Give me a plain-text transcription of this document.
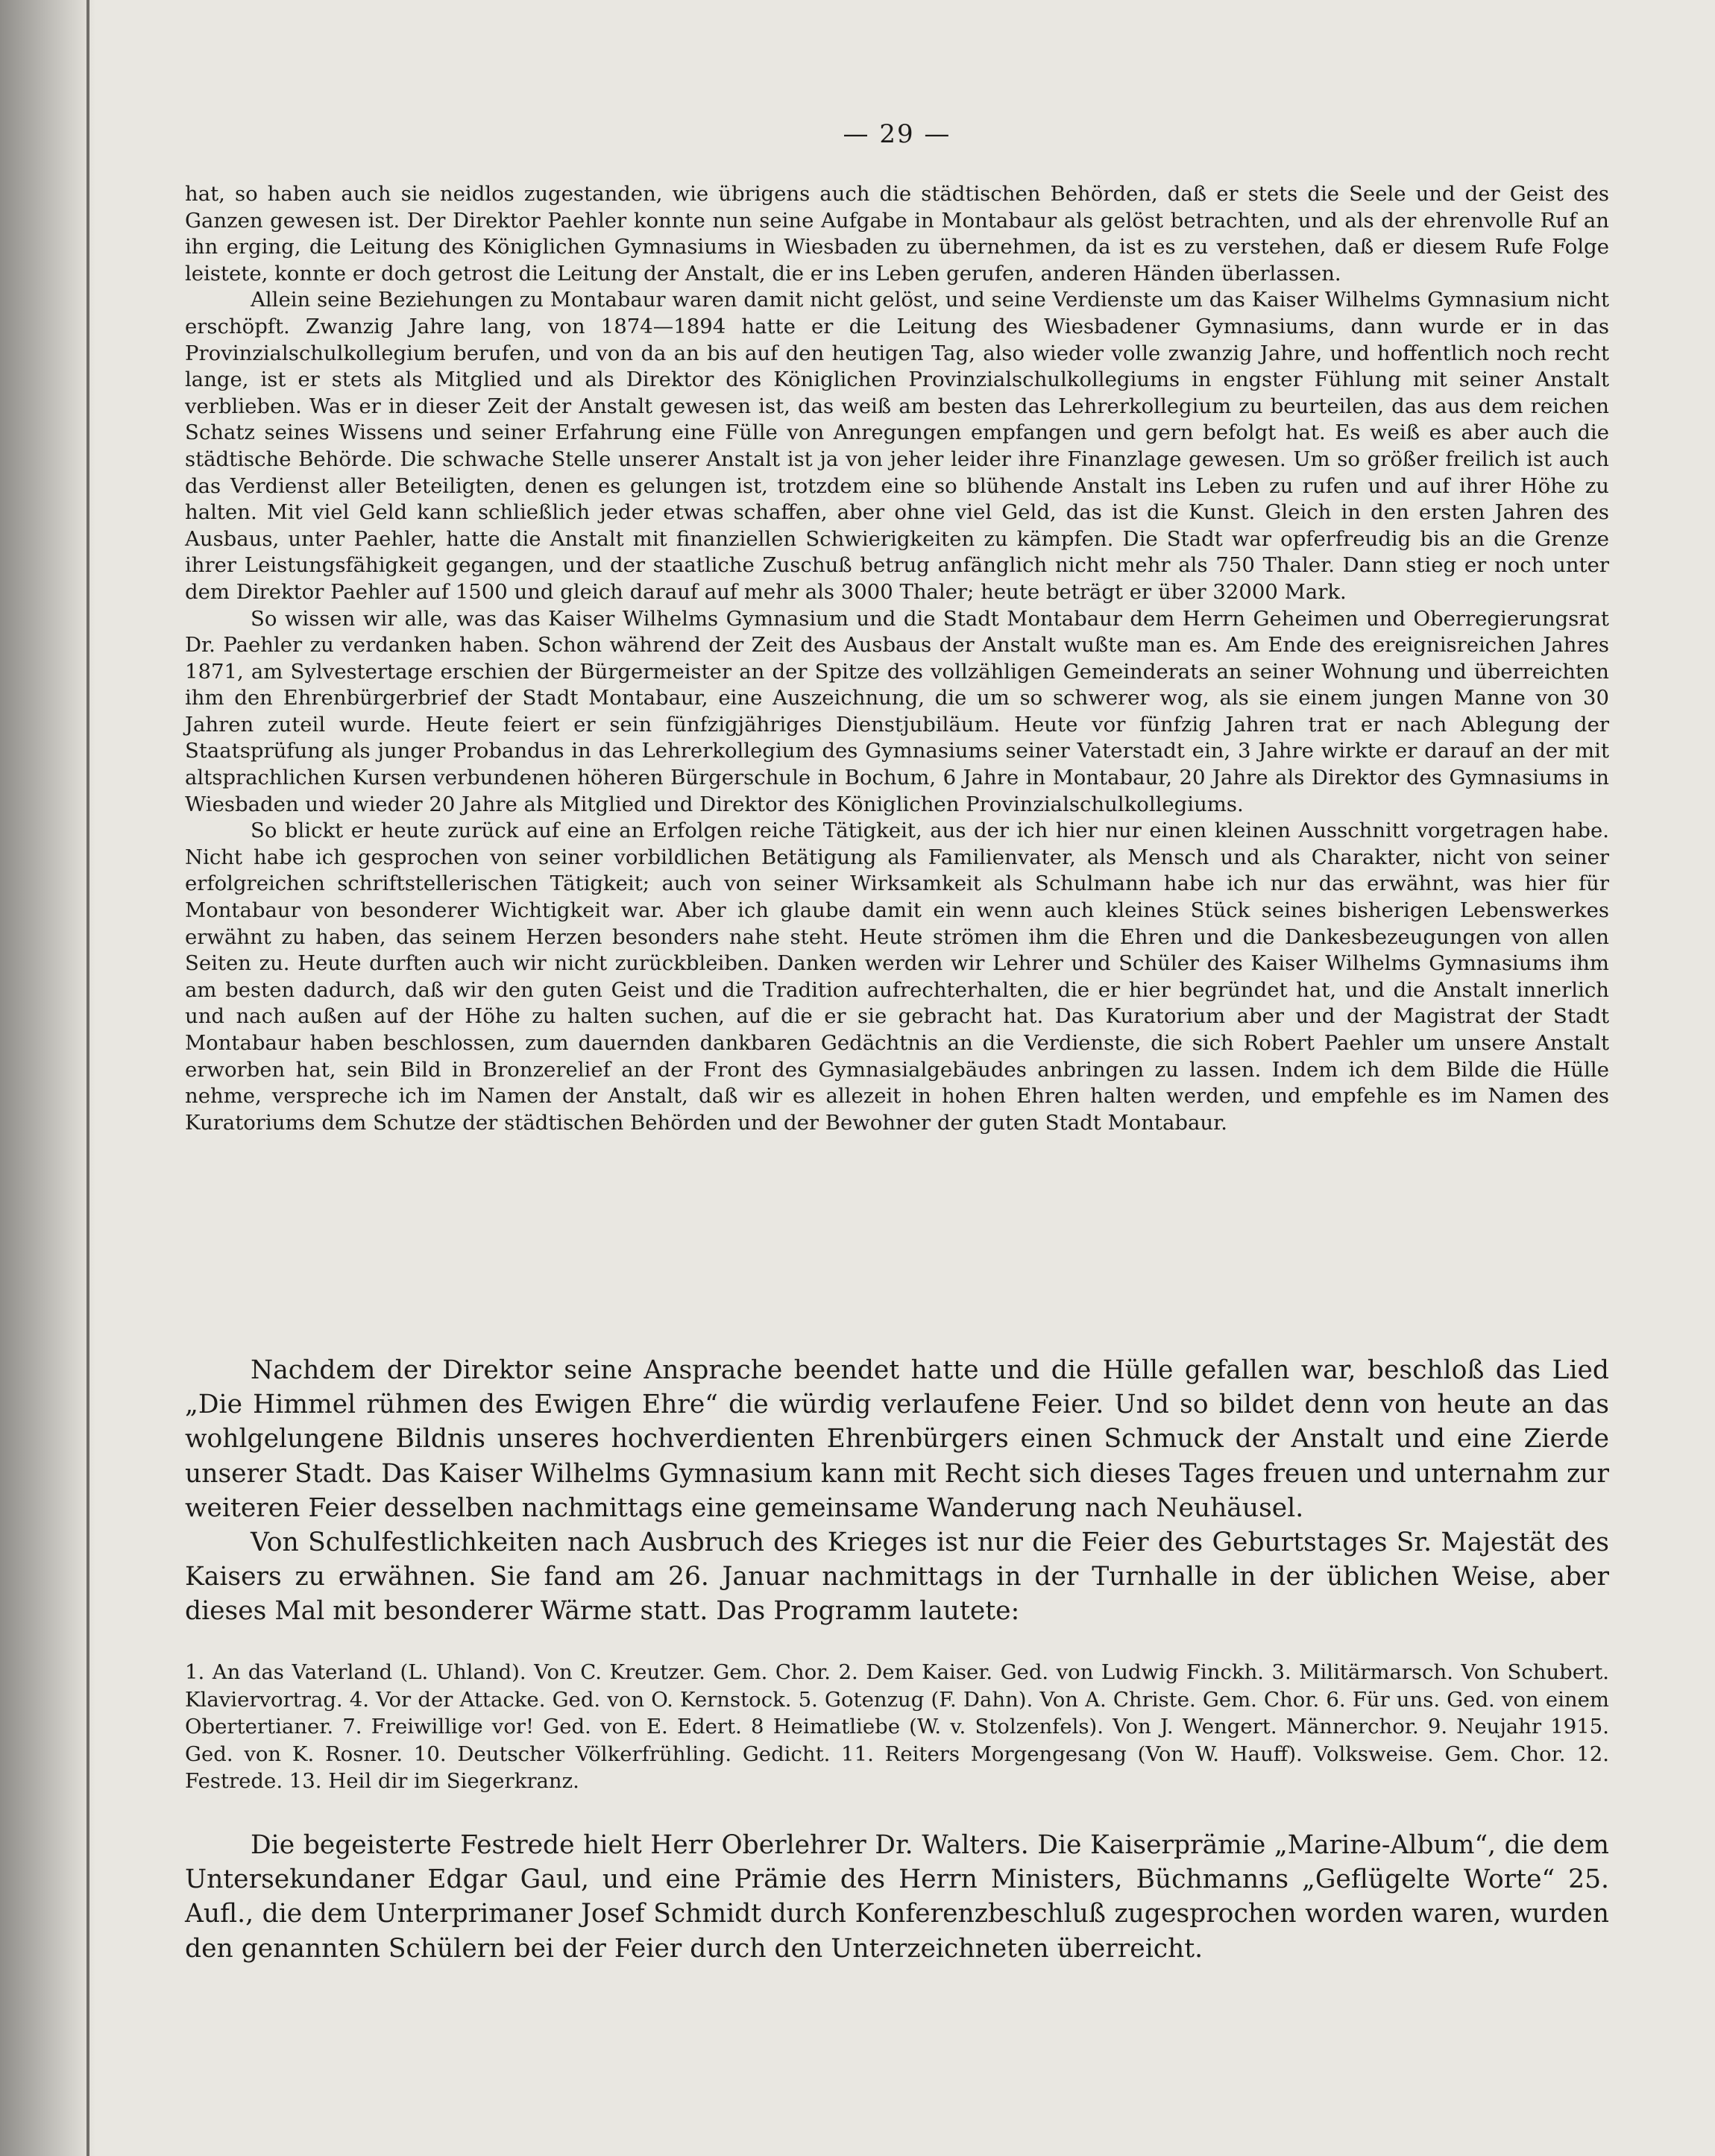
— 29 —

hat, so haben auch sie neidlos zugestanden, wie übrigens auch die städtischen Behörden, daß er stets die Seele und der Geist des Ganzen gewesen ist. Der Direktor Paehler konnte nun seine Aufgabe in Montabaur als gelöst betrachten, und als der ehrenvolle Ruf an ihn erging, die Leitung des Königlichen Gymnasiums in Wiesbaden zu übernehmen, da ist es zu verstehen, daß er diesem Rufe Folge leistete, konnte er doch getrost die Leitung der Anstalt, die er ins Leben gerufen, anderen Händen überlassen.

Allein seine Beziehungen zu Montabaur waren damit nicht gelöst, und seine Verdienste um das Kaiser Wilhelms Gymnasium nicht erschöpft. Zwanzig Jahre lang, von 1874—1894 hatte er die Leitung des Wiesbadener Gymnasiums, dann wurde er in das Provinzialschulkollegium berufen, und von da an bis auf den heutigen Tag, also wieder volle zwanzig Jahre, und hoffentlich noch recht lange, ist er stets als Mitglied und als Direktor des Königlichen Provinzialschulkollegiums in engster Fühlung mit seiner Anstalt verblieben. Was er in dieser Zeit der Anstalt gewesen ist, das weiß am besten das Lehrerkollegium zu beurteilen, das aus dem reichen Schatz seines Wissens und seiner Erfahrung eine Fülle von Anregungen empfangen und gern befolgt hat. Es weiß es aber auch die städtische Behörde. Die schwache Stelle unserer Anstalt ist ja von jeher leider ihre Finanzlage gewesen. Um so größer freilich ist auch das Verdienst aller Beteiligten, denen es gelungen ist, trotzdem eine so blühende Anstalt ins Leben zu rufen und auf ihrer Höhe zu halten. Mit viel Geld kann schließlich jeder etwas schaffen, aber ohne viel Geld, das ist die Kunst. Gleich in den ersten Jahren des Ausbaus, unter Paehler, hatte die Anstalt mit finanziellen Schwierigkeiten zu kämpfen. Die Stadt war opferfreudig bis an die Grenze ihrer Leistungsfähigkeit gegangen, und der staatliche Zuschuß betrug anfänglich nicht mehr als 750 Thaler. Dann stieg er noch unter dem Direktor Paehler auf 1500 und gleich darauf auf mehr als 3000 Thaler; heute beträgt er über 32000 Mark.

So wissen wir alle, was das Kaiser Wilhelms Gymnasium und die Stadt Montabaur dem Herrn Geheimen und Oberregierungsrat Dr. Paehler zu verdanken haben. Schon während der Zeit des Ausbaus der Anstalt wußte man es. Am Ende des ereignisreichen Jahres 1871, am Sylvestertage erschien der Bürgermeister an der Spitze des vollzähligen Gemeinderats an seiner Wohnung und überreichten ihm den Ehrenbürgerbrief der Stadt Montabaur, eine Auszeichnung, die um so schwerer wog, als sie einem jungen Manne von 30 Jahren zuteil wurde. Heute feiert er sein fünfzigjähriges Dienstjubiläum. Heute vor fünfzig Jahren trat er nach Ablegung der Staatsprüfung als junger Probandus in das Lehrerkollegium des Gymnasiums seiner Vaterstadt ein, 3 Jahre wirkte er darauf an der mit altsprachlichen Kursen verbundenen höheren Bürgerschule in Bochum, 6 Jahre in Montabaur, 20 Jahre als Direktor des Gymnasiums in Wiesbaden und wieder 20 Jahre als Mitglied und Direktor des Königlichen Provinzialschulkollegiums.

So blickt er heute zurück auf eine an Erfolgen reiche Tätigkeit, aus der ich hier nur einen kleinen Ausschnitt vorgetragen habe. Nicht habe ich gesprochen von seiner vorbildlichen Betätigung als Familienvater, als Mensch und als Charakter, nicht von seiner erfolgreichen schriftstellerischen Tätigkeit; auch von seiner Wirksamkeit als Schulmann habe ich nur das erwähnt, was hier für Montabaur von besonderer Wichtigkeit war. Aber ich glaube damit ein wenn auch kleines Stück seines bisherigen Lebenswerkes erwähnt zu haben, das seinem Herzen besonders nahe steht. Heute strömen ihm die Ehren und die Dankesbezeugungen von allen Seiten zu. Heute durften auch wir nicht zurückbleiben. Danken werden wir Lehrer und Schüler des Kaiser Wilhelms Gymnasiums ihm am besten dadurch, daß wir den guten Geist und die Tradition aufrechterhalten, die er hier begründet hat, und die Anstalt innerlich und nach außen auf der Höhe zu halten suchen, auf die er sie gebracht hat. Das Kuratorium aber und der Magistrat der Stadt Montabaur haben beschlossen, zum dauernden dankbaren Gedächtnis an die Verdienste, die sich Robert Paehler um unsere Anstalt erworben hat, sein Bild in Bronzerelief an der Front des Gymnasialgebäudes anbringen zu lassen. Indem ich dem Bilde die Hülle nehme, verspreche ich im Namen der Anstalt, daß wir es allezeit in hohen Ehren halten werden, und empfehle es im Namen des Kuratoriums dem Schutze der städtischen Behörden und der Bewohner der guten Stadt Montabaur.

Nachdem der Direktor seine Ansprache beendet hatte und die Hülle gefallen war, beschloß das Lied „Die Himmel rühmen des Ewigen Ehre“ die würdig verlaufene Feier. Und so bildet denn von heute an das wohlgelungene Bildnis unseres hochverdienten Ehrenbürgers einen Schmuck der Anstalt und eine Zierde unserer Stadt. Das Kaiser Wilhelms Gymnasium kann mit Recht sich dieses Tages freuen und unternahm zur weiteren Feier desselben nachmittags eine gemeinsame Wanderung nach Neuhäusel.

Von Schulfestlichkeiten nach Ausbruch des Krieges ist nur die Feier des Geburtstages Sr. Majestät des Kaisers zu erwähnen. Sie fand am 26. Januar nachmittags in der Turnhalle in der üblichen Weise, aber dieses Mal mit besonderer Wärme statt. Das Programm lautete:

1. An das Vaterland (L. Uhland). Von C. Kreutzer. Gem. Chor. 2. Dem Kaiser. Ged. von Ludwig Finckh. 3. Militärmarsch. Von Schubert. Klaviervortrag. 4. Vor der Attacke. Ged. von O. Kernstock. 5. Gotenzug (F. Dahn). Von A. Christe. Gem. Chor. 6. Für uns. Ged. von einem Obertertianer. 7. Freiwillige vor! Ged. von E. Edert. 8 Heimatliebe (W. v. Stolzenfels). Von J. Wengert. Männerchor. 9. Neujahr 1915. Ged. von K. Rosner. 10. Deutscher Völkerfrühling. Gedicht. 11. Reiters Morgengesang (Von W. Hauff). Volksweise. Gem. Chor. 12. Festrede. 13. Heil dir im Siegerkranz.

Die begeisterte Festrede hielt Herr Oberlehrer Dr. Walters. Die Kaiserprämie „Marine-Album“, die dem Untersekundaner Edgar Gaul, und eine Prämie des Herrn Ministers, Büchmanns „Geflügelte Worte“ 25. Aufl., die dem Unterprimaner Josef Schmidt durch Konferenzbeschluß zugesprochen worden waren, wurden den genannten Schülern bei der Feier durch den Unterzeichneten überreicht.
